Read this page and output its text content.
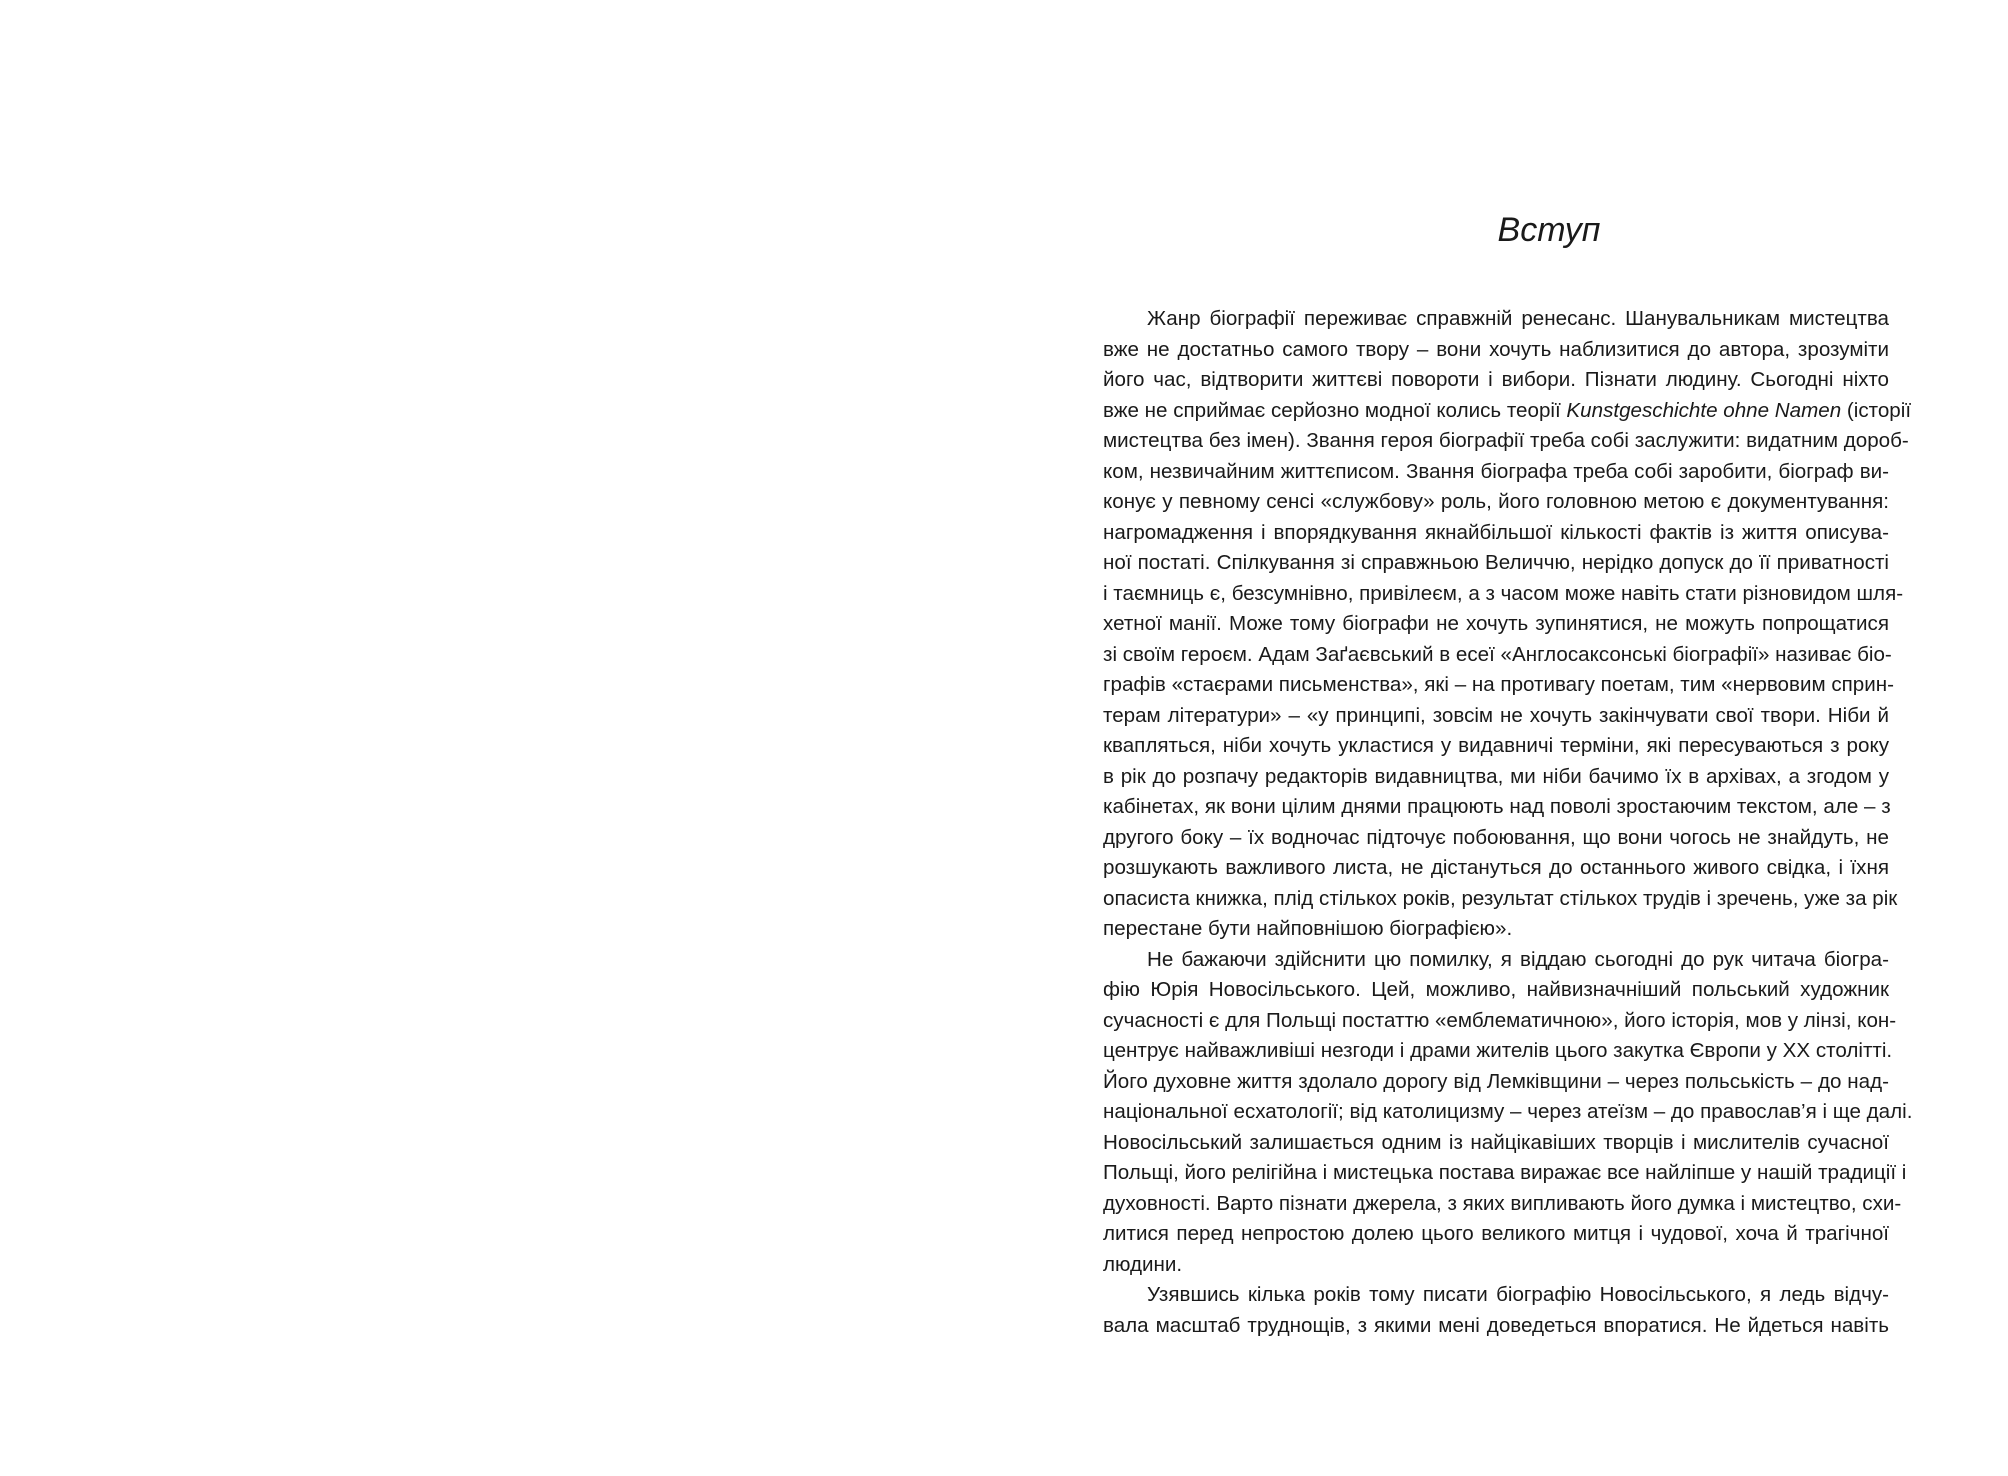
Вступ
Жанр біографії переживає справжній ренесанс. Шанувальникам мистецтва
вже не достатньо самого твору – вони хочуть наблизитися до автора, зрозуміти
його час, відтворити життєві повороти і вибори. Пізнати людину. Сьогодні ніхто
вже не сприймає серйозно модної колись теорії Kunstgeschichte ohne Namen (історії
мистецтва без імен). Звання героя біографії треба собі заслужити: видатним дороб-
ком, незвичайним життєписом. Звання біографа треба собі заробити, біограф ви-
конує у певному сенсі «службову» роль, його головною метою є документування:
нагромадження і впорядкування якнайбільшої кількості фактів із життя описува-
ної постаті. Спілкування зі справжньою Величчю, нерідко допуск до її приватності
і таємниць є, безсумнівно, привілеєм, а з часом може навіть стати різновидом шля-
хетної манії. Може тому біографи не хочуть зупинятися, не можуть попрощатися
зі своїм героєм. Адам Заґаєвський в есеї «Англосаксонські біографії» називає біо-
графів «стаєрами письменства», які – на противагу поетам, тим «нервовим сприн-
терам літератури» – «у принципі, зовсім не хочуть закінчувати свої твори. Ніби й
квапляться, ніби хочуть укластися у видавничі терміни, які пересуваються з року
в рік до розпачу редакторів видавництва, ми ніби бачимо їх в архівах, а згодом у
кабінетах, як вони цілим днями працюють над поволі зростаючим текстом, але – з
другого боку – їх водночас підточує побоювання, що вони чогось не знайдуть, не
розшукають важливого листа, не дістануться до останнього живого свідка, і їхня
опасиста книжка, плід стількох років, результат стількох трудів і зречень, уже за рік
перестане бути найповнішою біографією».
Не бажаючи здійснити цю помилку, я віддаю сьогодні до рук читача біогра-
фію Юрія Новосільського. Цей, можливо, найвизначніший польський художник
сучасності є для Польщі постаттю «емблематичною», його історія, мов у лінзі, кон-
центрує найважливіші незгоди і драми жителів цього закутка Європи у XX столітті.
Його духовне життя здолало дорогу від Лемківщини – через польськість – до над-
національної есхатології; від католицизму – через атеїзм – до православ’я і ще далі.
Новосільський залишається одним із найцікавіших творців і мислителів сучасної
Польщі, його релігійна і мистецька постава виражає все найліпше у нашій традиції і
духовності. Варто пізнати джерела, з яких випливають його думка і мистецтво, схи-
литися перед непростою долею цього великого митця і чудової, хоча й трагічної
людини.
Узявшись кілька років тому писати біографію Новосільського, я ледь відчу-
вала масштаб труднощів, з якими мені доведеться впоратися. Не йдеться навіть
